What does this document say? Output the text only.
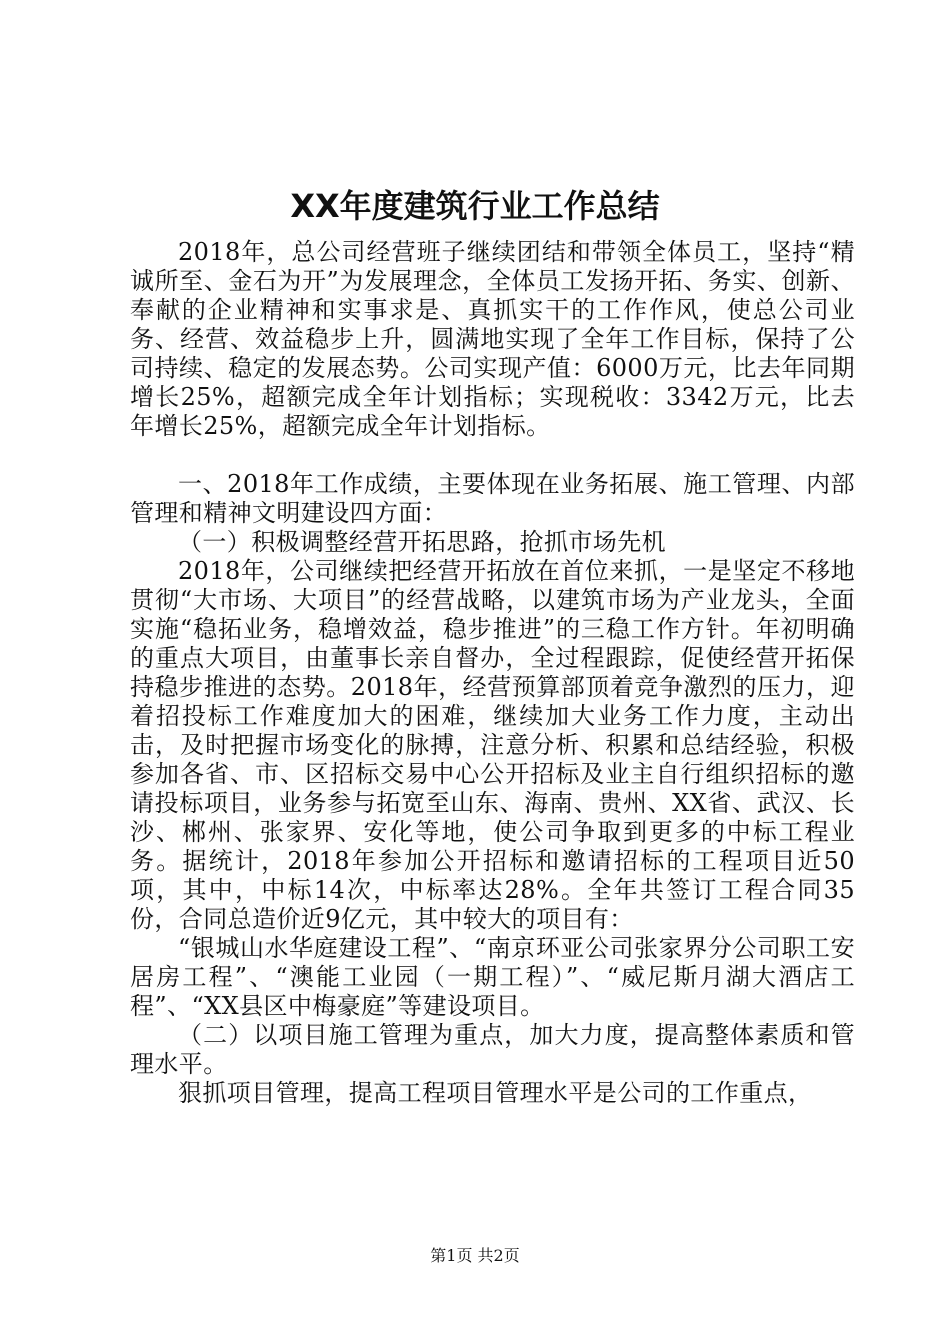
XX年度建筑行业工作总结

2018年，总公司经营班子继续团结和带领全体员工，坚持“精诚所至、金石为开”为发展理念，全体员工发扬开拓、务实、创新、奉献的企业精神和实事求是、真抓实干的工作作风，使总公司业务、经营、效益稳步上升，圆满地实现了全年工作目标，保持了公司持续、稳定的发展态势。公司实现产值：6000万元，比去年同期增长25%，超额完成全年计划指标；实现税收：3342万元，比去年增长25%，超额完成全年计划指标。

一、2018年工作成绩，主要体现在业务拓展、施工管理、内部管理和精神文明建设四方面：

（一）积极调整经营开拓思路，抢抓市场先机

2018年，公司继续把经营开拓放在首位来抓，一是坚定不移地贯彻“大市场、大项目”的经营战略，以建筑市场为产业龙头，全面实施“稳拓业务，稳增效益，稳步推进”的三稳工作方针。年初明确的重点大项目，由董事长亲自督办，全过程跟踪，促使经营开拓保持稳步推进的态势。2018年，经营预算部顶着竞争激烈的压力，迎着招投标工作难度加大的困难，继续加大业务工作力度，主动出击，及时把握市场变化的脉搏，注意分析、积累和总结经验，积极参加各省、市、区招标交易中心公开招标及业主自行组织招标的邀请投标项目，业务参与拓宽至山东、海南、贵州、XX省、武汉、长沙、郴州、张家界、安化等地，使公司争取到更多的中标工程业务。据统计，2018年参加公开招标和邀请招标的工程项目近50项，其中，中标14次，中标率达28%。全年共签订工程合同35份，合同总造价近9亿元，其中较大的项目有：

“银城山水华庭建设工程”、“南京环亚公司张家界分公司职工安居房工程”、“澳能工业园（一期工程）”、“威尼斯月湖大酒店工程”、“XX县区中梅豪庭”等建设项目。

（二）以项目施工管理为重点，加大力度，提高整体素质和管理水平。

狠抓项目管理，提高工程项目管理水平是公司的工作重点，

第1页 共2页
